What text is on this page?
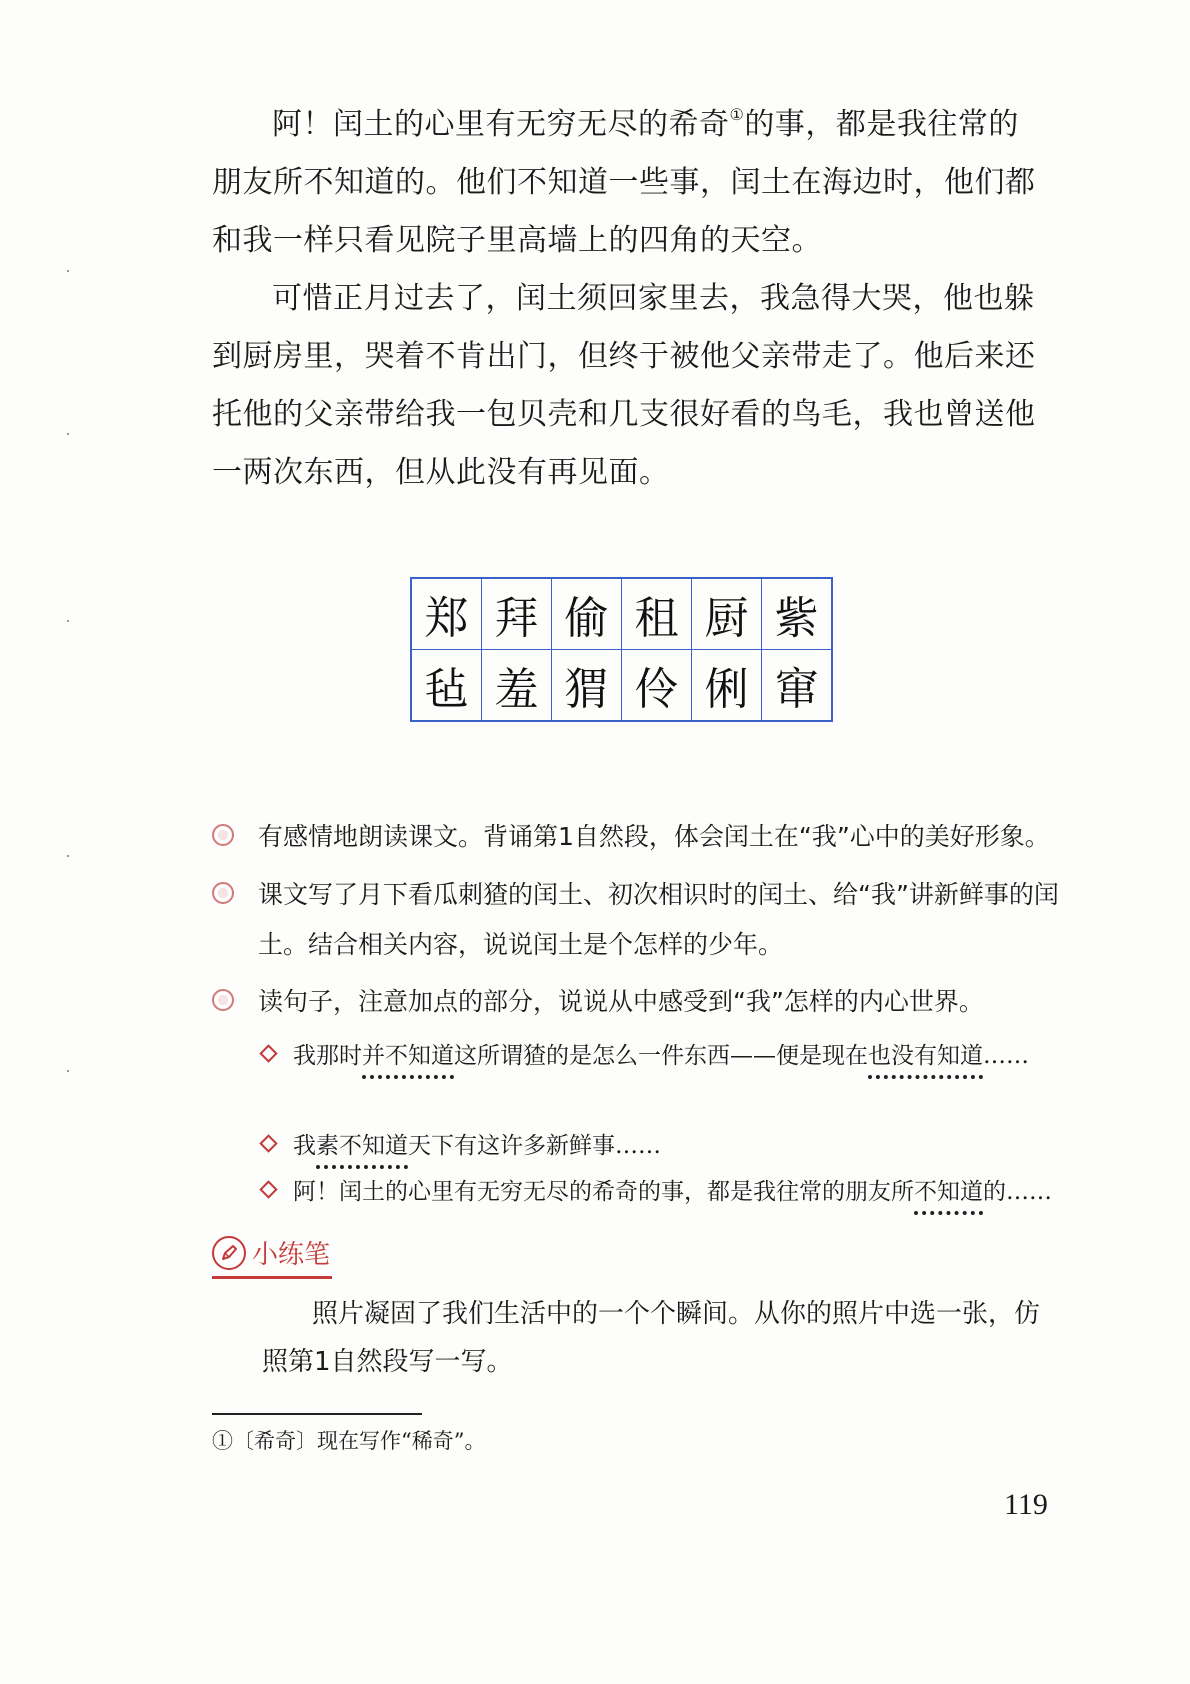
阿！闰土的心里有无穷无尽的希奇①的事，都是我往常的朋友所不知道的。他们不知道一些事，闰土在海边时，他们都和我一样只看见院子里高墙上的四角的天空。

可惜正月过去了，闰土须回家里去，我急得大哭，他也躲到厨房里，哭着不肯出门，但终于被他父亲带走了。他后来还托他的父亲带给我一包贝壳和几支很好看的鸟毛，我也曾送他一两次东西，但从此没有再见面。

郑	拜	偷	租	厨	紫
毡	羞	猬	伶	俐	窜
有感情地朗读课文。背诵第1自然段，体会闰土在“我”心中的美好形象。
课文写了月下看瓜刺猹的闰土、初次相识时的闰土、给“我”讲新鲜事的闰土。结合相关内容，说说闰土是个怎样的少年。
读句子，注意加点的部分，说说从中感受到“我”怎样的内心世界。
我那时并不知道这所谓猹的是怎么一件东西——便是现在也没有知道……
我素不知道天下有这许多新鲜事……
阿！闰土的心里有无穷无尽的希奇的事，都是我往常的朋友所不知道的……
小练笔

照片凝固了我们生活中的一个个瞬间。从你的照片中选一张，仿照第1自然段写一写。

①〔希奇〕现在写作“稀奇”。
119
